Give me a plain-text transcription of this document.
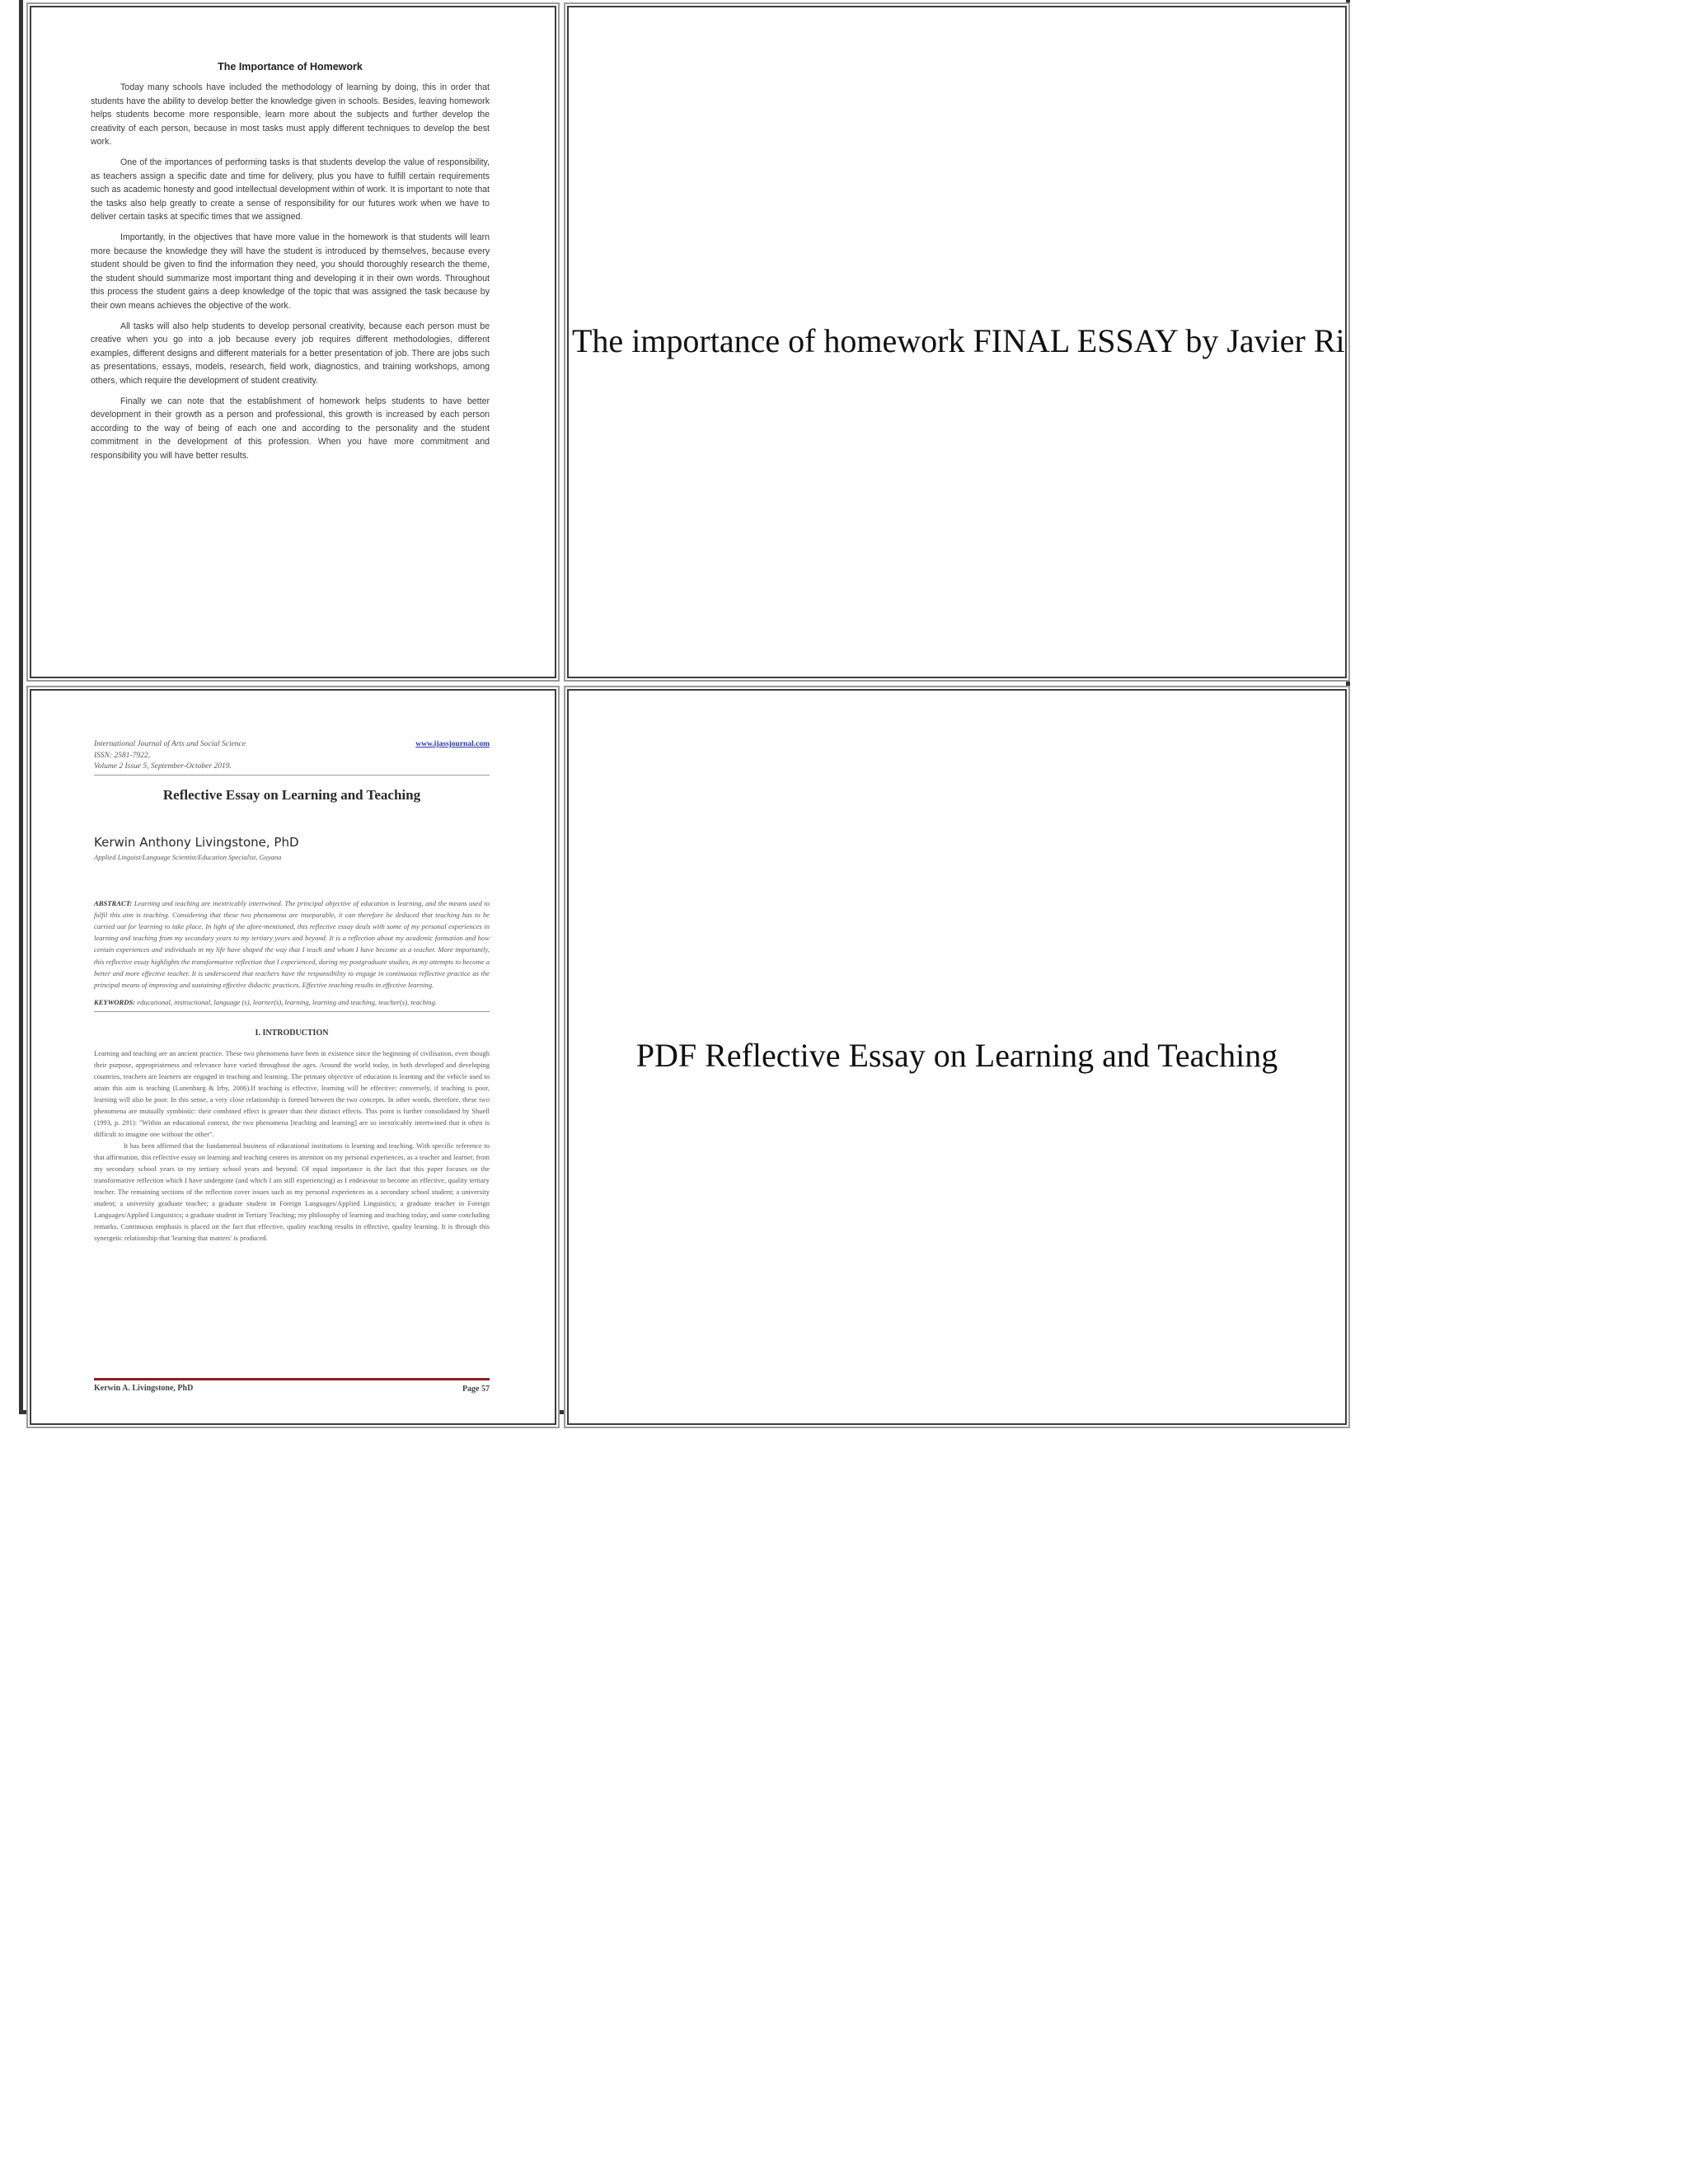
The Importance of Homework

Today many schools have included the methodology of learning by doing, this in order that students have the ability to develop better the knowledge given in schools. Besides, leaving homework helps students become more responsible, learn more about the subjects and further develop the creativity of each person, because in most tasks must apply different techniques to develop the best work.

One of the importances of performing tasks is that students develop the value of responsibility, as teachers assign a specific date and time for delivery, plus you have to fulfill certain requirements such as academic honesty and good intellectual development within of work. It is important to note that the tasks also help greatly to create a sense of responsibility for our futures work when we have to deliver certain tasks at specific times that we assigned.

Importantly, in the objectives that have more value in the homework is that students will learn more because the knowledge they will have the student is introduced by themselves, because every student should be given to find the information they need, you should thoroughly research the theme, the student should summarize most important thing and developing it in their own words. Throughout this process the student gains a deep knowledge of the topic that was assigned the task because by their own means achieves the objective of the work.

All tasks will also help students to develop personal creativity, because each person must be creative when you go into a job because every job requires different methodologies, different examples, different designs and different materials for a better presentation of job. There are jobs such as presentations, essays, models, research, field work, diagnostics, and training workshops, among others, which require the development of student creativity.

Finally we can note that the establishment of homework helps students to have better development in their growth as a person and professional, this growth is increased by each person according to the way of being of each one and according to the personality and the student commitment in the development of this profession. When you have more commitment and responsibility you will have better results.

The importance of homework FINAL ESSAY by Javier Ri
International Journal of Arts and Social Science
ISSN: 2581-7922,
Volume 2 Issue 5, September-October 2019.
www.ijassjournal.com
Reflective Essay on Learning and Teaching
Kerwin Anthony Livingstone, PhD
Applied Linguist/Language Scientist/Education Specialist, Guyana
ABSTRACT: Learning and teaching are inextricably intertwined. The principal objective of education is learning, and the means used to fulfil this aim is teaching. Considering that these two phenomena are inseparable, it can therefore be deduced that teaching has to be carried out for learning to take place. In light of the afore-mentioned, this reflective essay deals with some of my personal experiences in learning and teaching from my secondary years to my tertiary years and beyond. It is a reflection about my academic formation and how certain experiences and individuals in my life have shaped the way that I teach and whom I have become as a teacher. More importantly, this reflective essay highlights the transformative reflection that I experienced, during my postgraduate studies, in my attempts to become a better and more effective teacher. It is underscored that teachers have the responsibility to engage in continuous reflective practice as the principal means of improving and sustaining effective didactic practices. Effective teaching results in effective learning.
KEYWORDS: educational, instructional, language (s), learner(s), learning, learning and teaching, teacher(s), teaching.
I. INTRODUCTION
Learning and teaching are an ancient practice. These two phenomena have been in existence since the beginning of civilisation, even though their purpose, appropriateness and relevance have varied throughout the ages. Around the world today, in both developed and developing countries, teachers are learners are engaged in teaching and learning. The primary objective of education is learning and the vehicle used to attain this aim is teaching (Lunenburg & Irby, 2006).If teaching is effective, learning will be effective; conversely, if teaching is poor, learning will also be poor. In this sense, a very close relationship is formed between the two concepts. In other words, therefore, these two phenomena are mutually symbiotic: their combined effect is greater than their distinct effects. This point is further consolidated by Shuell (1993, p. 291): "Within an educational context, the two phenomena [teaching and learning] are so inextricably intertwined that it often is difficult to imagine one without the other".
It has been affirmed that the fundamental business of educational institutions is learning and teaching. With specific reference to that affirmation, this reflective essay on learning and teaching centres its attention on my personal experiences, as a teacher and learner, from my secondary school years to my tertiary school years and beyond. Of equal importance is the fact that this paper focuses on the transformative reflection which I have undergone (and which I am still experiencing) as I endeavour to become an effective, quality tertiary teacher. The remaining sections of the reflection cover issues such as my personal experiences as a secondary school student; a university student; a university graduate teacher; a graduate student in Foreign Languages/Applied Linguistics; a graduate teacher in Foreign Languages/Applied Linguistics; a graduate student in Tertiary Teaching; my philosophy of learning and teaching today, and some concluding remarks. Continuous emphasis is placed on the fact that effective, quality teaching results in effective, quality learning. It is through this synergetic relationship that 'learning that matters' is produced.
Kerwin A. Livingstone, PhD	Page 57
PDF Reflective Essay on Learning and Teaching
